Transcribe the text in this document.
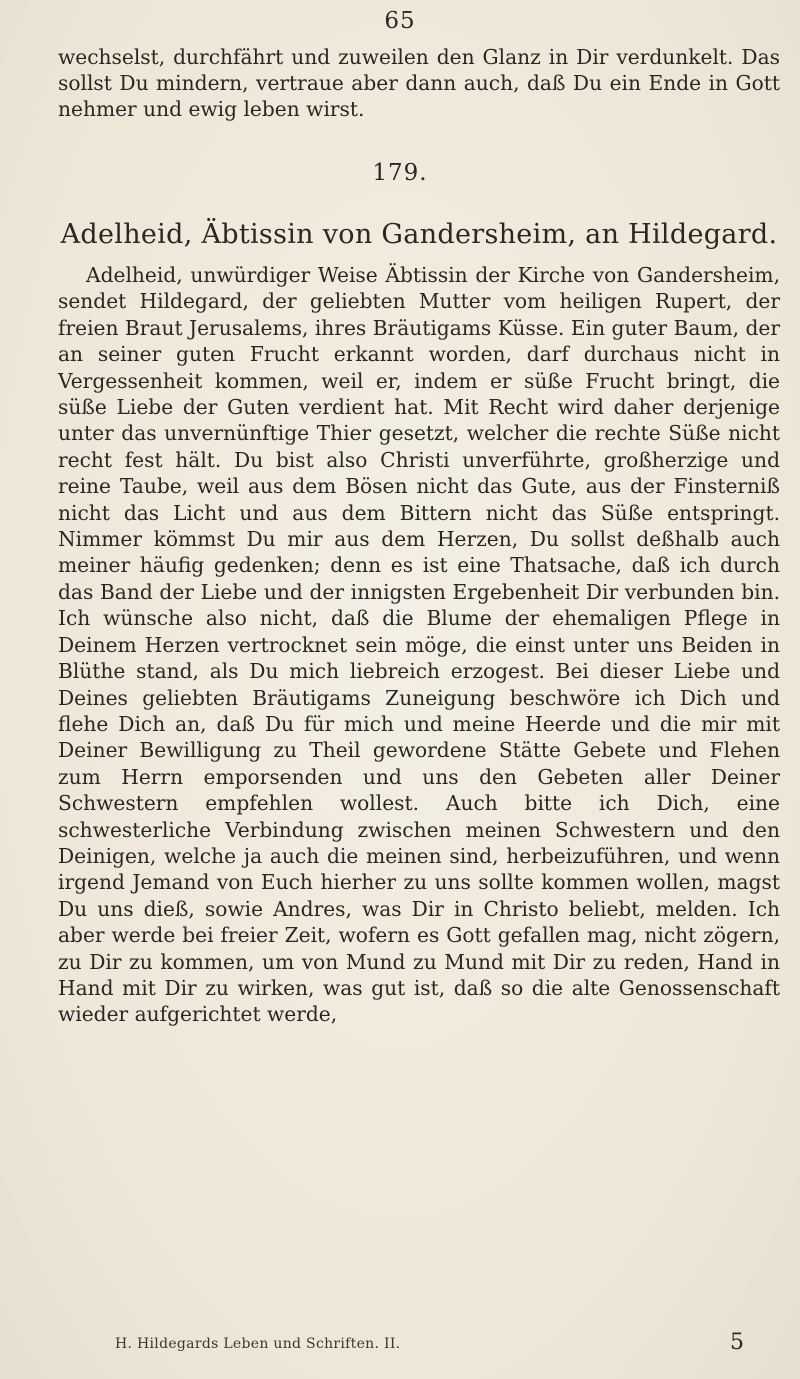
65

wechselst, durchfährt und zuweilen den Glanz in Dir verdunkelt. Das sollst Du mindern, vertraue aber dann auch, daß Du ein Ende in Gott nehmer und ewig leben wirst.

179.
Adelheid, Äbtissin von Gandersheim, an Hildegard.

Adelheid, unwürdiger Weise Äbtissin der Kirche von Gandersheim, sendet Hildegard, der geliebten Mutter vom heiligen Rupert, der freien Braut Jerusalems, ihres Bräutigams Küsse. Ein guter Baum, der an seiner guten Frucht erkannt worden, darf durchaus nicht in Vergessenheit kommen, weil er, indem er süße Frucht bringt, die süße Liebe der Guten verdient hat. Mit Recht wird daher derjenige unter das unvernünftige Thier gesetzt, welcher die rechte Süße nicht recht fest hält. Du bist also Christi unverführte, großherzige und reine Taube, weil aus dem Bösen nicht das Gute, aus der Finsterniß nicht das Licht und aus dem Bittern nicht das Süße entspringt. Nimmer kömmst Du mir aus dem Herzen, Du sollst deßhalb auch meiner häufig gedenken; denn es ist eine Thatsache, daß ich durch das Band der Liebe und der innigsten Ergebenheit Dir verbunden bin. Ich wünsche also nicht, daß die Blume der ehemaligen Pflege in Deinem Herzen vertrocknet sein möge, die einst unter uns Beiden in Blüthe stand, als Du mich liebreich erzogest. Bei dieser Liebe und Deines geliebten Bräutigams Zuneigung beschwöre ich Dich und flehe Dich an, daß Du für mich und meine Heerde und die mir mit Deiner Bewilligung zu Theil gewordene Stätte Gebete und Flehen zum Herrn emporsenden und uns den Gebeten aller Deiner Schwestern empfehlen wollest. Auch bitte ich Dich, eine schwesterliche Verbindung zwischen meinen Schwestern und den Deinigen, welche ja auch die meinen sind, herbeizuführen, und wenn irgend Jemand von Euch hierher zu uns sollte kommen wollen, magst Du uns dieß, sowie Andres, was Dir in Christo beliebt, melden. Ich aber werde bei freier Zeit, wofern es Gott gefallen mag, nicht zögern, zu Dir zu kommen, um von Mund zu Mund mit Dir zu reden, Hand in Hand mit Dir zu wirken, was gut ist, daß so die alte Genossenschaft wieder aufgerichtet werde,

H. Hildegards Leben und Schriften. II.	5
